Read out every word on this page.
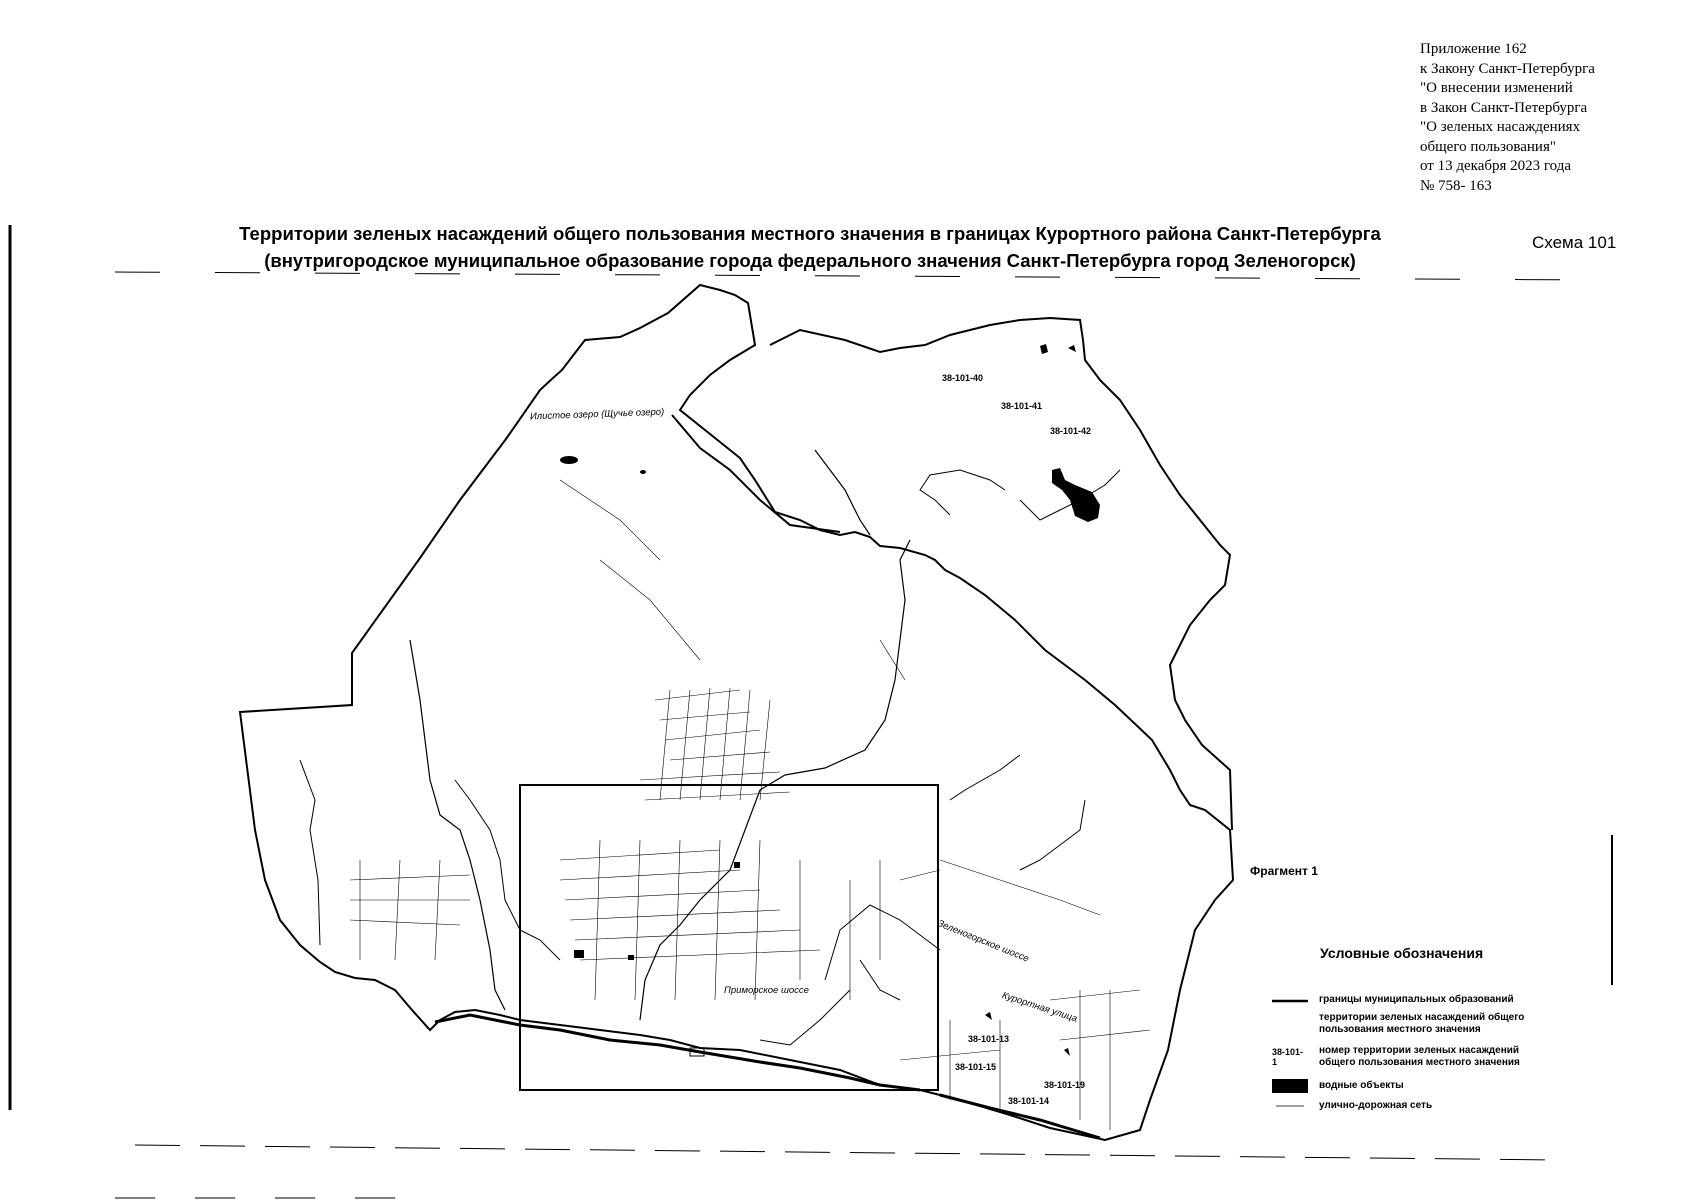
Приложение 162
к Закону Санкт-Петербурга
"О внесении изменений
в Закон Санкт-Петербурга
"О зеленых насаждениях
общего пользования"
от 13 декабря 2023 года
№ 758- 163
Территории зеленых насаждений общего пользования местного значения в границах Курортного района Санкт-Петербурга
(внутригородское муниципальное образование города федерального значения Санкт-Петербурга город Зеленогорск)
Схема 101
Илистое озеро (Щучье озеро)
38-101-40
38-101-41
38-101-42
38-101-13
38-101-15
38-101-19
38-101-14
Зеленогорское шоссе
Приморское шоссе	Курортная улица
Фрагмент 1
Условные обозначения
границы муниципальных образований
территории зеленых насаждений общего пользования местного значения
38-101-1
номер территории зеленых насаждений общего пользования местного значения
водные объекты
улично-дорожная сеть
